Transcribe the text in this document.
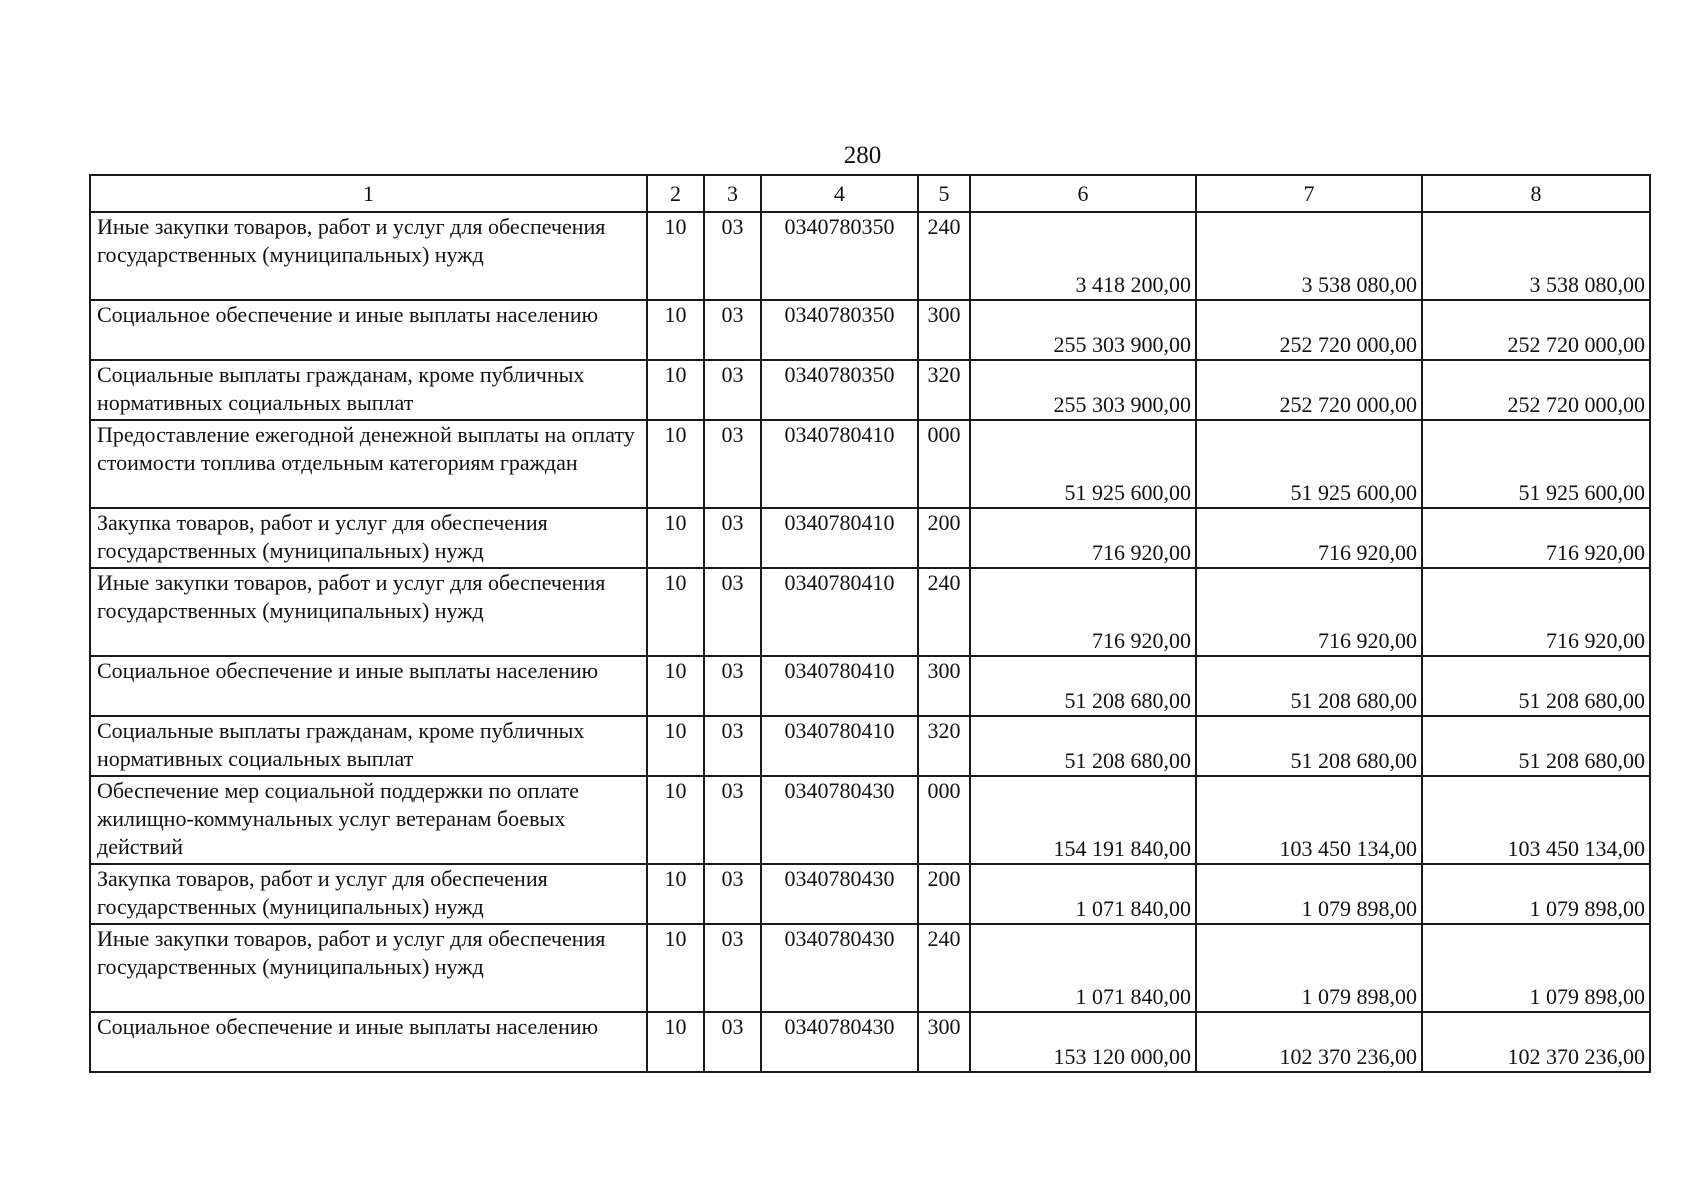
280
1	2	3	4	5	6	7	8
Иные закупки товаров, работ и услуг для обеспечения государственных (муниципальных) нужд	10	03	0340780350	240	3 418 200,00	3 538 080,00	3 538 080,00
Социальное обеспечение и иные выплаты населению	10	03	0340780350	300	255 303 900,00	252 720 000,00	252 720 000,00
Социальные выплаты гражданам, кроме публичных нормативных социальных выплат	10	03	0340780350	320	255 303 900,00	252 720 000,00	252 720 000,00
Предоставление ежегодной денежной выплаты на оплату стоимости топлива отдельным категориям граждан	10	03	0340780410	000	51 925 600,00	51 925 600,00	51 925 600,00
Закупка товаров, работ и услуг для обеспечения государственных (муниципальных) нужд	10	03	0340780410	200	716 920,00	716 920,00	716 920,00
Иные закупки товаров, работ и услуг для обеспечения государственных (муниципальных) нужд	10	03	0340780410	240	716 920,00	716 920,00	716 920,00
Социальное обеспечение и иные выплаты населению	10	03	0340780410	300	51 208 680,00	51 208 680,00	51 208 680,00
Социальные выплаты гражданам, кроме публичных нормативных социальных выплат	10	03	0340780410	320	51 208 680,00	51 208 680,00	51 208 680,00
Обеспечение мер социальной поддержки по оплате жилищно-коммунальных услуг ветеранам боевых действий	10	03	0340780430	000	154 191 840,00	103 450 134,00	103 450 134,00
Закупка товаров, работ и услуг для обеспечения государственных (муниципальных) нужд	10	03	0340780430	200	1 071 840,00	1 079 898,00	1 079 898,00
Иные закупки товаров, работ и услуг для обеспечения государственных (муниципальных) нужд	10	03	0340780430	240	1 071 840,00	1 079 898,00	1 079 898,00
Социальное обеспечение и иные выплаты населению	10	03	0340780430	300	153 120 000,00	102 370 236,00	102 370 236,00
